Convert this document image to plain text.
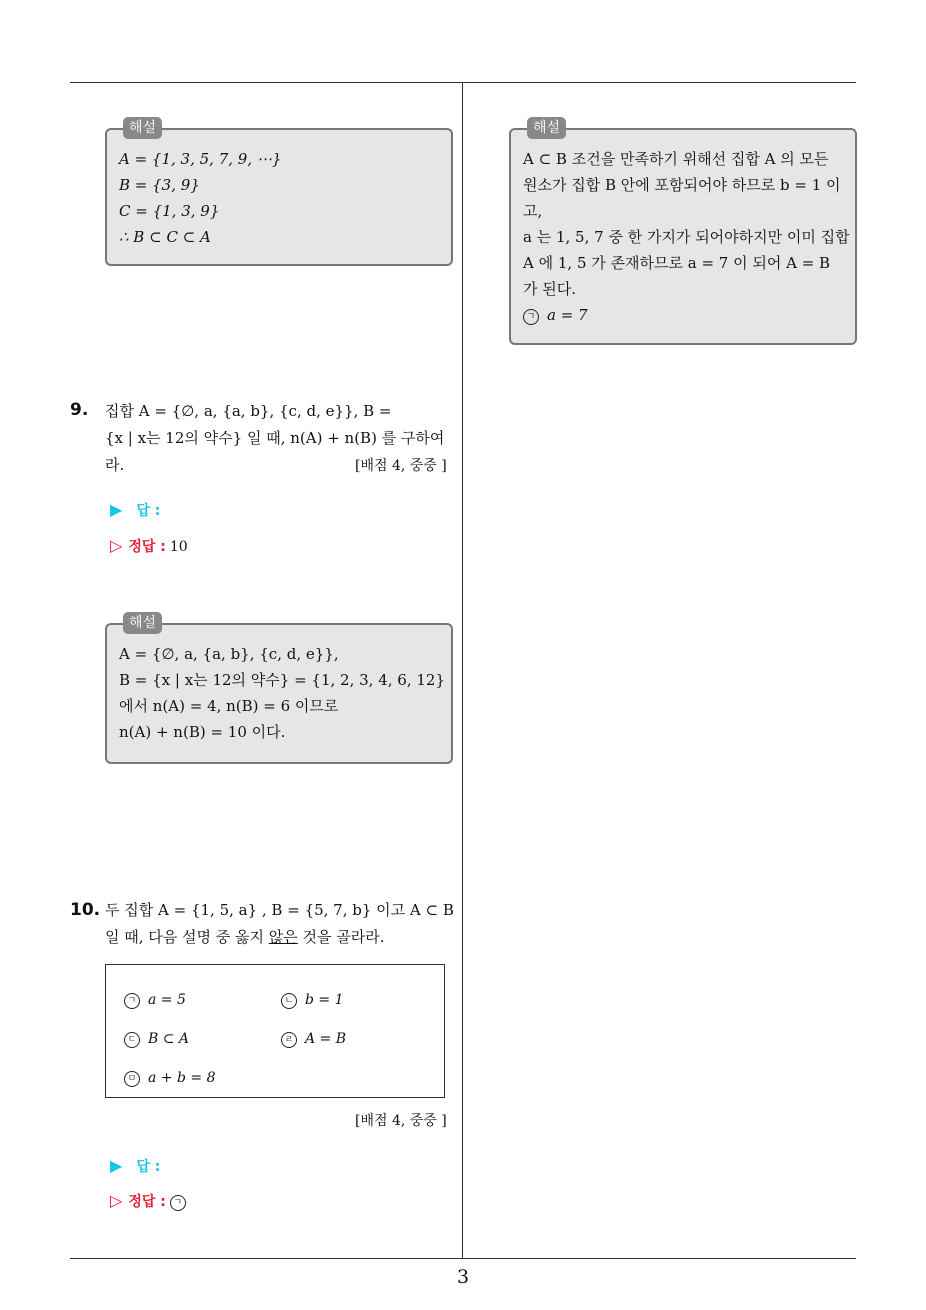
해설
A = {1, 3, 5, 7, 9, ⋯}
B = {3, 9}
C = {1, 3, 9}
∴ B ⊂ C ⊂ A
9. 집합 A = {∅, a, {a, b}, {c, d, e}}, B =
{x | x는 12의 약수} 일 때, n(A) + n(B) 를 구하여
라.	[배점 4, 중중 ]
▶ 답 :
▷ 정답 : 10
해설
A = {∅, a, {a, b}, {c, d, e}},
B = {x | x는 12의 약수} = {1, 2, 3, 4, 6, 12}
에서 n(A) = 4, n(B) = 6 이므로
n(A) + n(B) = 10 이다.
10. 두 집합 A = {1, 5, a} , B = {5, 7, b} 이고 A ⊂ B
일 때, 다음 설명 중 옳지 않은 것을 골라라.
ㄱ a = 5	ㄴ b = 1
ㄷ B ⊂ A	ㄹ A = B
ㅁ a + b = 8
[배점 4, 중중 ]
▶ 답 :
▷ 정답 : ㄱ
해설
A ⊂ B 조건을 만족하기 위해선 집합 A 의 모든
원소가 집합 B 안에 포함되어야 하므로 b = 1 이
고,
a 는 1, 5, 7 중 한 가지가 되어야하지만 이미 집합
A 에 1, 5 가 존재하므로 a = 7 이 되어 A = B
가 된다.
ㄱ a = 7
3
